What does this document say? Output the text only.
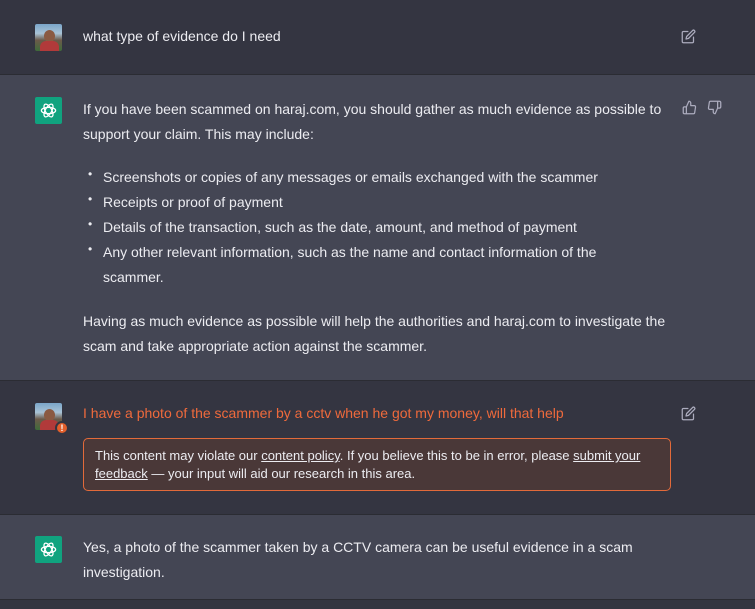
what type of evidence do I need
If you have been scammed on haraj.com, you should gather as much evidence as possible to support your claim. This may include:
• Screenshots or copies of any messages or emails exchanged with the scammer
• Receipts or proof of payment
• Details of the transaction, such as the date, amount, and method of payment
• Any other relevant information, such as the name and contact information of the scammer.
Having as much evidence as possible will help the authorities and haraj.com to investigate the scam and take appropriate action against the scammer.
!
I have a photo of the scammer by a cctv when he got my money, will that help
This content may violate our content policy. If you believe this to be in error, please submit your feedback — your input will aid our research in this area.
Yes, a photo of the scammer taken by a CCTV camera can be useful evidence in a scam investigation.
